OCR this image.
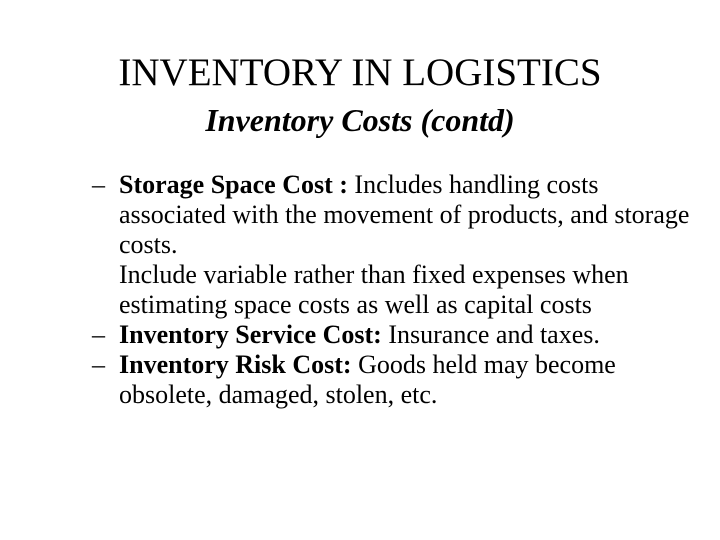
INVENTORY IN LOGISTICS
Inventory Costs (contd)
– Storage Space Cost : Includes handling costs associated with the movement of products, and storage costs.
Include variable rather than fixed expenses when estimating space costs as well as capital costs
– Inventory Service Cost: Insurance and taxes.
– Inventory Risk Cost: Goods held may become obsolete, damaged, stolen, etc.
